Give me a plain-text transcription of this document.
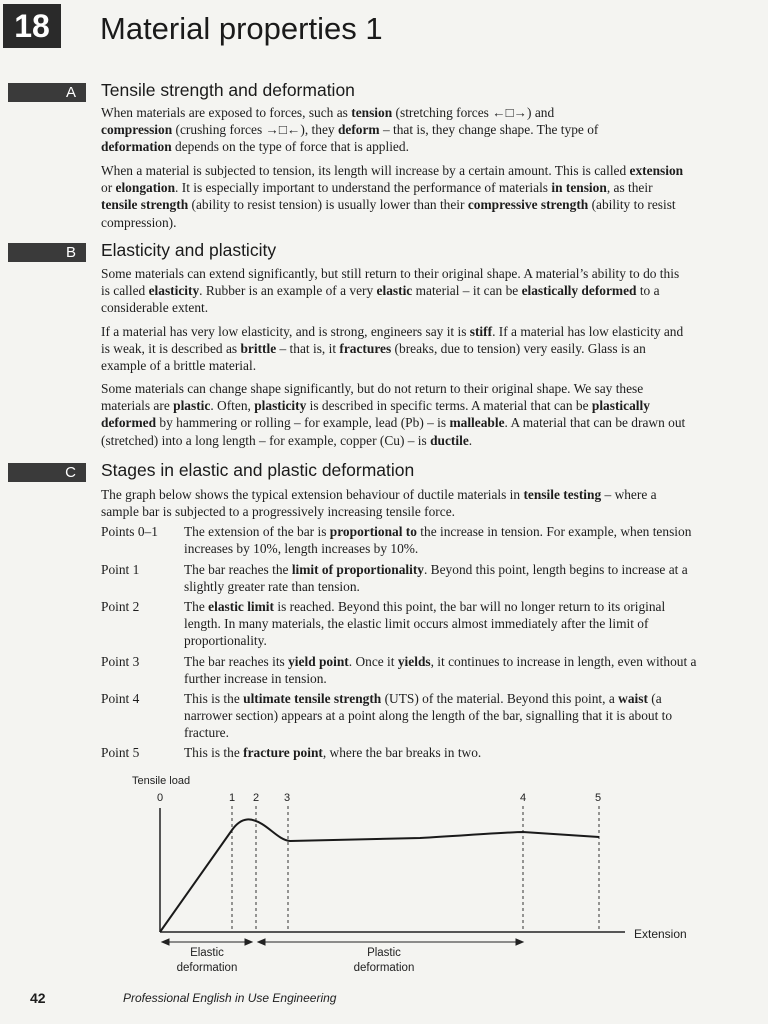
18	Material properties 1
A	Tensile strength and deformation

When materials are exposed to forces, such as tension (stretching forces ←□→) and
compression (crushing forces →□←), they deform – that is, they change shape. The type of
deformation depends on the type of force that is applied.

When a material is subjected to tension, its length will increase by a certain amount. This is called extension or elongation. It is especially important to understand the performance of materials in tension, as their tensile strength (ability to resist tension) is usually lower than their compressive strength (ability to resist compression).

B	Elasticity and plasticity

Some materials can extend significantly, but still return to their original shape. A material’s ability to do this is called elasticity. Rubber is an example of a very elastic material – it can be elastically deformed to a considerable extent.

If a material has very low elasticity, and is strong, engineers say it is stiff. If a material has low elasticity and is weak, it is described as brittle – that is, it fractures (breaks, due to tension) very easily. Glass is an example of a brittle material.

Some materials can change shape significantly, but do not return to their original shape. We say these materials are plastic. Often, plasticity is described in specific terms. A material that can be plastically deformed by hammering or rolling – for example, lead (Pb) – is malleable. A material that can be drawn out (stretched) into a long length – for example, copper (Cu) – is ductile.

C	Stages in elastic and plastic deformation

The graph below shows the typical extension behaviour of ductile materials in tensile testing – where a sample bar is subjected to a progressively increasing tensile force.

Points 0–1 The extension of the bar is proportional to the increase in tension. For example, when tension increases by 10%, length increases by 10%.
Point 1	The bar reaches the limit of proportionality. Beyond this point, length begins to increase at a slightly greater rate than tension.
Point 2	The elastic limit is reached. Beyond this point, the bar will no longer return to its original length. In many materials, the elastic limit occurs almost immediately after the limit of proportionality.
Point 3	The bar reaches its yield point. Once it yields, it continues to increase in length, even without a further increase in tension.
Point 4	This is the ultimate tensile strength (UTS) of the material. Beyond this point, a waist (a narrower section) appears at a point along the length of the bar, signalling that it is about to fracture.
Point 5	This is the fracture point, where the bar breaks in two.
Tensile load
0	1 2 3	4	5
Extension
Elastic
deformation
Plastic
deformation
42	Professional English in Use Engineering
